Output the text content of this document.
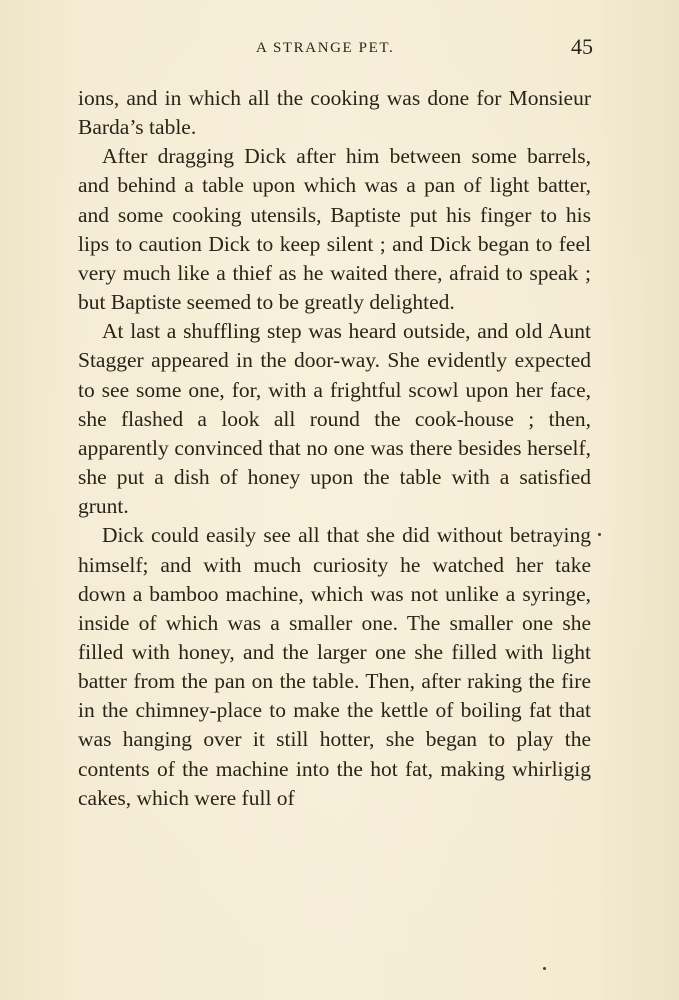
A STRANGE PET.	45

ions, and in which all the cooking was done for Monsieur Barda’s table.

After dragging Dick after him between some barrels, and behind a table upon which was a pan of light batter, and some cooking utensils, Baptiste put his finger to his lips to caution Dick to keep silent ; and Dick began to feel very much like a thief as he waited there, afraid to speak ; but Baptiste seemed to be greatly delighted.

At last a shuffling step was heard outside, and old Aunt Stagger appeared in the door-way. She evidently expected to see some one, for, with a frightful scowl upon her face, she flashed a look all round the cook-house ; then, apparently convinced that no one was there besides herself, she put a dish of honey upon the table with a satisfied grunt.

Dick could easily see all that she did without betraying himself; and with much curiosity he watched her take down a bamboo machine, which was not unlike a syringe, inside of which was a smaller one. The smaller one she filled with honey, and the larger one she filled with light batter from the pan on the table. Then, after raking the fire in the chimney-place to make the kettle of boiling fat that was hanging over it still hotter, she began to play the contents of the machine into the hot fat, making whirligig cakes, which were full of
